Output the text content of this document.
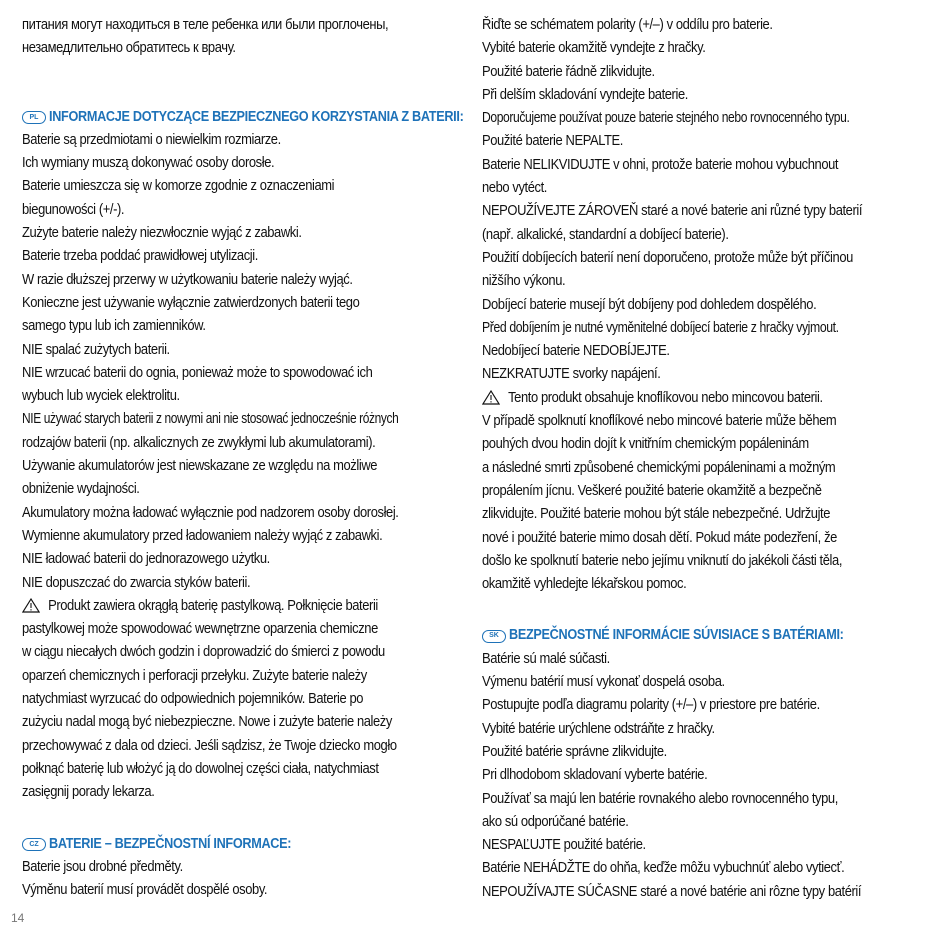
питания могут находиться в теле ребенка или были проглочены,
незамедлительно обратитесь к врачу.
PL INFORMACJE DOTYCZĄCE BEZPIECZNEGO KORZYSTANIA Z BATERII:
Baterie są przedmiotami o niewielkim rozmiarze.
Ich wymiany muszą dokonywać osoby dorosłe.
Baterie umieszcza się w komorze zgodnie z oznaczeniami
biegunowości (+/-).
Zużyte baterie należy niezwłocznie wyjąć z zabawki.
Baterie trzeba poddać prawidłowej utylizacji.
W razie dłuższej przerwy w użytkowaniu baterie należy wyjąć.
Konieczne jest używanie wyłącznie zatwierdzonych baterii tego
samego typu lub ich zamienników.
NIE spalać zużytych baterii.
NIE wrzucać baterii do ognia, ponieważ może to spowodować ich
wybuch lub wyciek elektrolitu.
NIE używać starych baterii z nowymi ani nie stosować jednocześnie różnych
rodzajów baterii (np. alkalicznych ze zwykłymi lub akumulatorami).
Używanie akumulatorów jest niewskazane ze względu na możliwe
obniżenie wydajności.
Akumulatory można ładować wyłącznie pod nadzorem osoby dorosłej.
Wymienne akumulatory przed ładowaniem należy wyjąć z zabawki.
NIE ładować baterii do jednorazowego użytku.
NIE dopuszczać do zwarcia styków baterii.
Produkt zawiera okrągłą baterię pastylkową. Połknięcie baterii
pastylkowej może spowodować wewnętrzne oparzenia chemiczne
w ciągu niecałych dwóch godzin i doprowadzić do śmierci z powodu
oparzeń chemicznych i perforacji przełyku. Zużyte baterie należy
natychmiast wyrzucać do odpowiednich pojemników. Baterie po
zużyciu nadal mogą być niebezpieczne. Nowe i zużyte baterie należy
przechowywać z dala od dzieci. Jeśli sądzisz, że Twoje dziecko mogło
połknąć baterię lub włożyć ją do dowolnej części ciała, natychmiast
zasięgnij porady lekarza.
CZ BATERIE – BEZPEČNOSTNÍ INFORMACE:
Baterie jsou drobné předměty.
Výměnu baterií musí provádět dospělé osoby.
Řiďte se schématem polarity (+/–) v oddílu pro baterie.
Vybité baterie okamžitě vyndejte z hračky.
Použité baterie řádně zlikvidujte.
Při delším skladování vyndejte baterie.
Doporučujeme používat pouze baterie stejného nebo rovnocenného typu.
Použité baterie NEPALTE.
Baterie NELIKVIDUJTE v ohni, protože baterie mohou vybuchnout
nebo vytéct.
NEPOUŽÍVEJTE ZÁROVEŇ staré a nové baterie ani různé typy baterií
(např. alkalické, standardní a dobíjecí baterie).
Použití dobíjecích baterií není doporučeno, protože může být příčinou
nižšího výkonu.
Dobíjecí baterie musejí být dobíjeny pod dohledem dospělého.
Před dobíjením je nutné vyměnitelné dobíjecí baterie z hračky vyjmout.
Nedobíjecí baterie NEDOBÍJEJTE.
NEZKRATUJTE svorky napájení.
Tento produkt obsahuje knoflíkovou nebo mincovou baterii.
V případě spolknutí knoflíkové nebo mincové baterie může během
pouhých dvou hodin dojít k vnitřním chemickým popáleninám
a následné smrti způsobené chemickými popáleninami a možným
propálením jícnu. Veškeré použité baterie okamžitě a bezpečně
zlikvidujte. Použité baterie mohou být stále nebezpečné. Udržujte
nové i použité baterie mimo dosah dětí. Pokud máte podezření, že
došlo ke spolknutí baterie nebo jejímu vniknutí do jakékoli části těla,
okamžitě vyhledejte lékařskou pomoc.
SK BEZPEČNOSTNÉ INFORMÁCIE SÚVISIACE S BATÉRIAMI:
Batérie sú malé súčasti.
Výmenu batérií musí vykonať dospelá osoba.
Postupujte podľa diagramu polarity (+/–) v priestore pre batérie.
Vybité batérie urýchlene odstráňte z hračky.
Použité batérie správne zlikvidujte.
Pri dlhodobom skladovaní vyberte batérie.
Používať sa majú len batérie rovnakého alebo rovnocenného typu,
ako sú odporúčané batérie.
NESPAĽUJTE použité batérie.
Batérie NEHÁDŽTE do ohňa, keďže môžu vybuchnúť alebo vytiecť.
NEPOUŽÍVAJTE SÚČASNE staré a nové batérie ani rôzne typy batérií
14
